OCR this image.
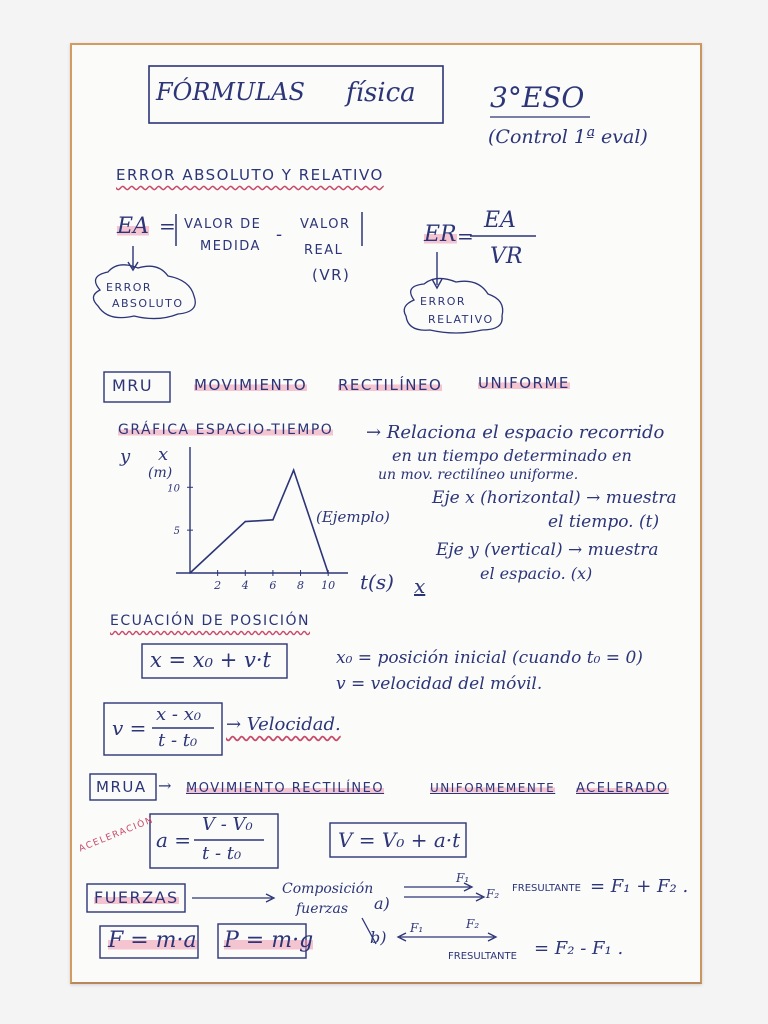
2 4 6 8 10
5
10
FÓRMULAS física	3°ESO
(Control 1ª eval)
ERROR ABSOLUTO Y RELATIVO
EA = VALOR DE
MEDIDA
- VALOR
REAL
(VR)
ER =
EA
VR
ERROR
ABSOLUTO	ERROR
RELATIVO
MRU	MOVIMIENTO RECTILÍNEO UNIFORME
GRÁFICA ESPACIO-TIEMPO → Relaciona el espacio recorrido
en un tiempo determinado en
un mov. rectilíneo uniforme.
Eje x (horizontal) → muestra
el tiempo. (t)
Eje y (vertical) → muestra
el espacio. (x)
y x
(m)
(Ejemplo)
t(s) x
ECUACIÓN DE POSICIÓN
x = x₀ + v·t	x₀ = posición inicial (cuando t₀ = 0)
v = velocidad del móvil.
v =
x - x₀
t - t₀
→ Velocidad.
MRUA → MOVIMIENTO RECTILÍNEO	UNIFORMEMENTE ACELERADO
ACELERACIÓN a =
V - V₀
t - t₀
V = V₀ + a·t
FUERZAS	Composición
fuerzas a)
b)
F₁
F₂ FRESULTANTE = F₁ + F₂ .
F₁	F₂
FRESULTANTE = F₂ - F₁ .
F = m·a P = m·g
